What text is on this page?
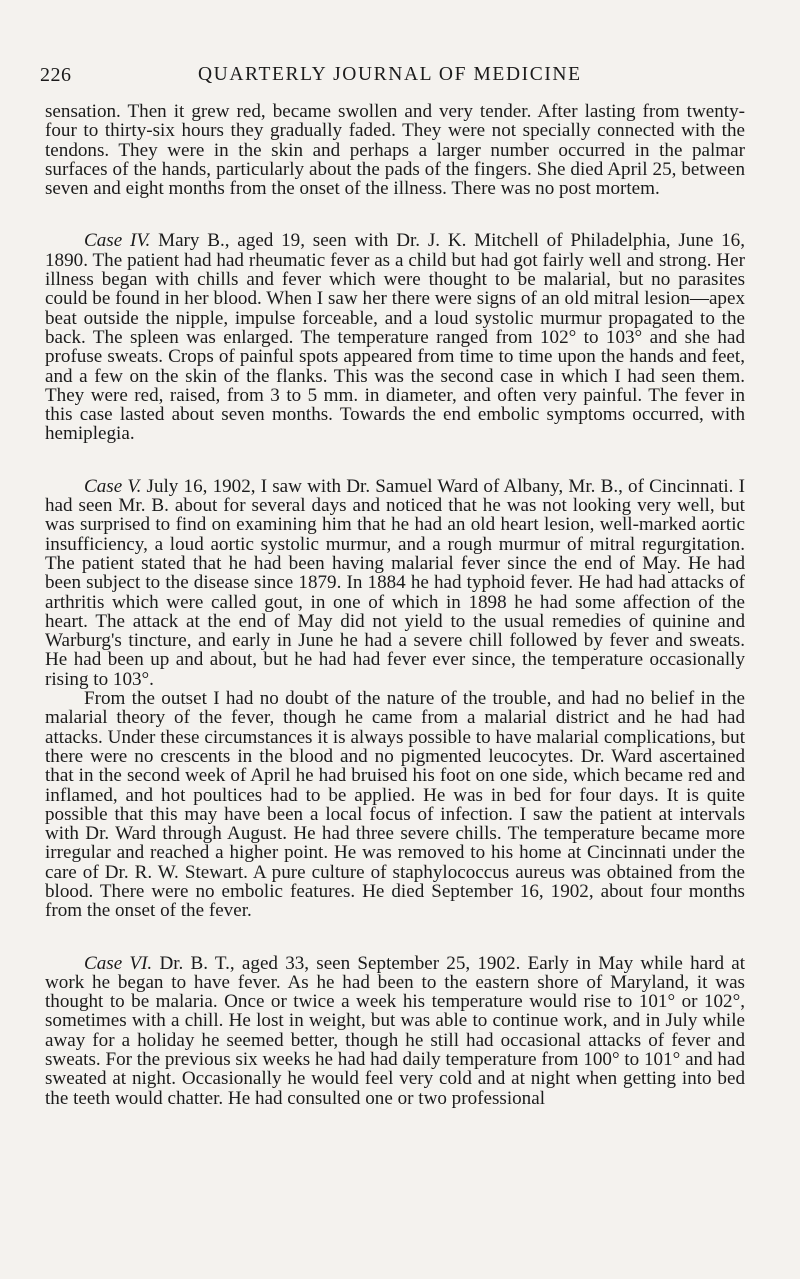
226	QUARTERLY JOURNAL OF MEDICINE

sensation. Then it grew red, became swollen and very tender. After lasting from twenty-four to thirty-six hours they gradually faded. They were not specially connected with the tendons. They were in the skin and perhaps a larger number occurred in the palmar surfaces of the hands, particularly about the pads of the fingers. She died April 25, between seven and eight months from the onset of the illness. There was no post mortem.

Case IV. Mary B., aged 19, seen with Dr. J. K. Mitchell of Philadelphia, June 16, 1890. The patient had had rheumatic fever as a child but had got fairly well and strong. Her illness began with chills and fever which were thought to be malarial, but no parasites could be found in her blood. When I saw her there were signs of an old mitral lesion—apex beat outside the nipple, impulse forceable, and a loud systolic murmur propagated to the back. The spleen was enlarged. The temperature ranged from 102° to 103° and she had profuse sweats. Crops of painful spots appeared from time to time upon the hands and feet, and a few on the skin of the flanks. This was the second case in which I had seen them. They were red, raised, from 3 to 5 mm. in diameter, and often very painful. The fever in this case lasted about seven months. Towards the end embolic symptoms occurred, with hemiplegia.

Case V. July 16, 1902, I saw with Dr. Samuel Ward of Albany, Mr. B., of Cincinnati. I had seen Mr. B. about for several days and noticed that he was not looking very well, but was surprised to find on examining him that he had an old heart lesion, well-marked aortic insufficiency, a loud aortic systolic murmur, and a rough murmur of mitral regurgitation. The patient stated that he had been having malarial fever since the end of May. He had been subject to the disease since 1879. In 1884 he had typhoid fever. He had had attacks of arthritis which were called gout, in one of which in 1898 he had some affection of the heart. The attack at the end of May did not yield to the usual remedies of quinine and Warburg's tincture, and early in June he had a severe chill followed by fever and sweats. He had been up and about, but he had had fever ever since, the temperature occasionally rising to 103°.

From the outset I had no doubt of the nature of the trouble, and had no belief in the malarial theory of the fever, though he came from a malarial district and he had had attacks. Under these circumstances it is always possible to have malarial complications, but there were no crescents in the blood and no pigmented leucocytes. Dr. Ward ascertained that in the second week of April he had bruised his foot on one side, which became red and inflamed, and hot poultices had to be applied. He was in bed for four days. It is quite possible that this may have been a local focus of infection. I saw the patient at intervals with Dr. Ward through August. He had three severe chills. The temperature became more irregular and reached a higher point. He was removed to his home at Cincinnati under the care of Dr. R. W. Stewart. A pure culture of staphylococcus aureus was obtained from the blood. There were no embolic features. He died September 16, 1902, about four months from the onset of the fever.

Case VI. Dr. B. T., aged 33, seen September 25, 1902. Early in May while hard at work he began to have fever. As he had been to the eastern shore of Maryland, it was thought to be malaria. Once or twice a week his temperature would rise to 101° or 102°, sometimes with a chill. He lost in weight, but was able to continue work, and in July while away for a holiday he seemed better, though he still had occasional attacks of fever and sweats. For the previous six weeks he had had daily temperature from 100° to 101° and had sweated at night. Occasionally he would feel very cold and at night when getting into bed the teeth would chatter. He had consulted one or two professional
